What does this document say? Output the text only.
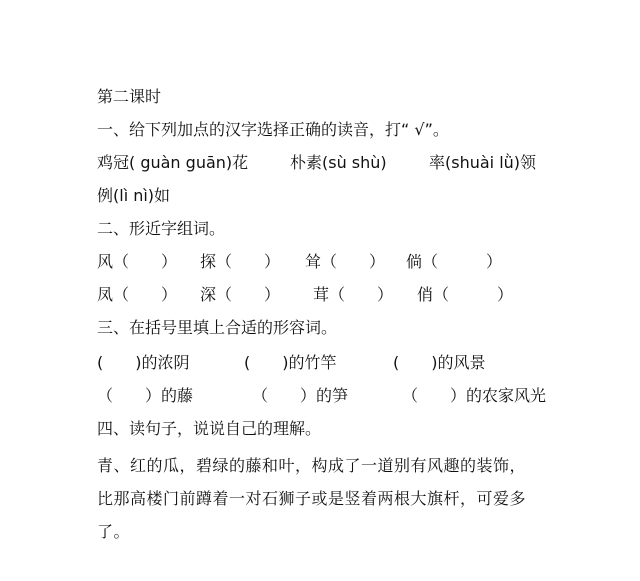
第二课时
一、给下列加点的汉字选择正确的读音，打“ √”。
鸡冠( guàn guān)花	朴素(sù shù)	率(shuài lǜ)领
例(lì nì)如
二、形近字组词。
风（　　） 探（　　） 耸（　　） 倘（　　　）
凤（　　） 深（　　） 茸（　　） 俏（　　　）
三、在括号里填上合适的形容词。
(　　)的浓阴	(　　)的竹竿	(　　)的风景
（　　）的藤	（　　）的笋	（　　）的农家风光
四、读句子，说说自己的理解。
青、红的瓜，碧绿的藤和叶，构成了一道别有风趣的装饰，
比那高楼门前蹲着一对石狮子或是竖着两根大旗杆，可爱多
了。
